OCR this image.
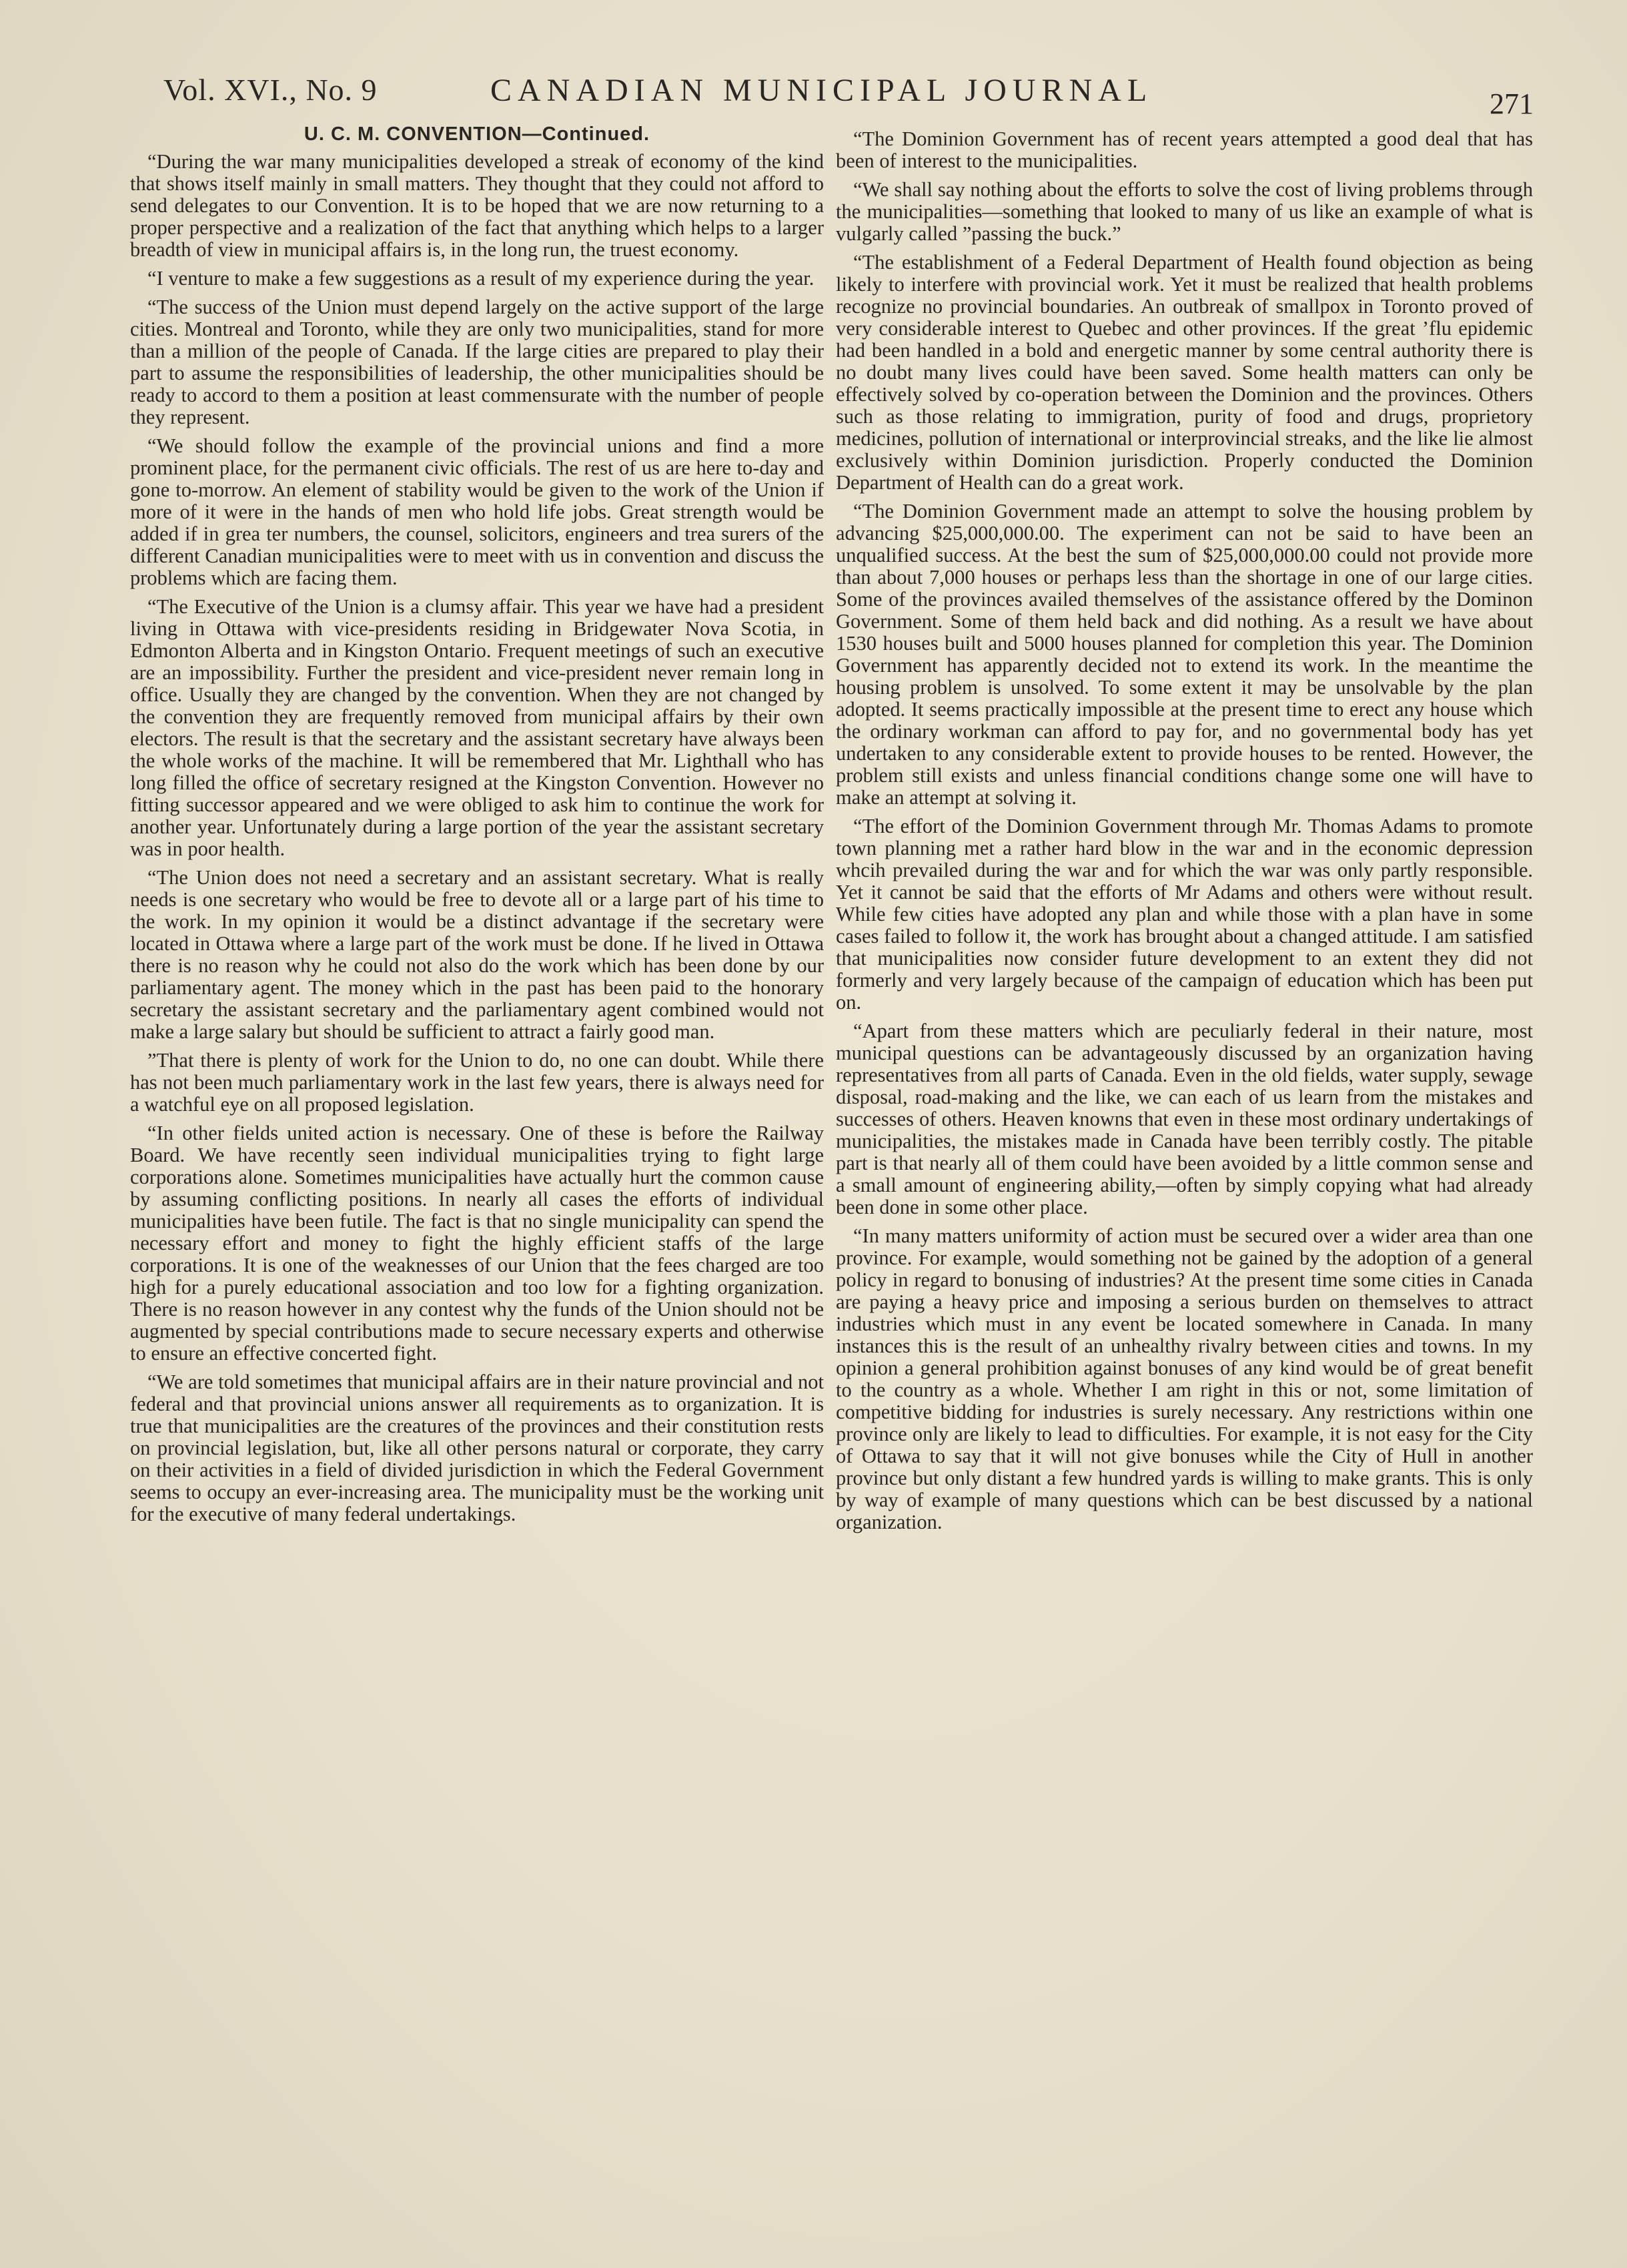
Vol. XVI., No. 9	CANADIAN MUNICIPAL JOURNAL	271
U. C. M. CONVENTION—Continued.

“During the war many municipalities developed a streak of economy of the kind that shows itself mainly in small matters. They thought that they could not afford to send delegates to our Convention. It is to be hoped that we are now returning to a proper perspective and a realization of the fact that anything which helps to a larger breadth of view in municipal affairs is, in the long run, the truest economy.

“I venture to make a few suggestions as a result of my experience during the year.

“The success of the Union must depend largely on the active support of the large cities. Montreal and Toronto, while they are only two municipalities, stand for more than a million of the people of Canada. If the large cities are prepared to play their part to assume the responsibilities of leadership, the other municipalities should be ready to accord to them a position at least commensurate with the number of people they represent.

“We should follow the example of the provincial unions and find a more prominent place, for the permanent civic officials. The rest of us are here to-day and gone to-morrow. An element of stability would be given to the work of the Union if more of it were in the hands of men who hold life jobs. Great strength would be added if in grea ter numbers, the counsel, solicitors, engineers and trea surers of the different Canadian municipalities were to meet with us in convention and discuss the problems which are facing them.

“The Executive of the Union is a clumsy affair. This year we have had a president living in Ottawa with vice-presidents residing in Bridgewater Nova Scotia, in Edmonton Alberta and in Kingston Ontario. Frequent meetings of such an executive are an impossibility. Further the president and vice-president never remain long in office. Usually they are changed by the convention. When they are not changed by the convention they are frequently removed from municipal affairs by their own electors. The result is that the secretary and the assistant secretary have always been the whole works of the machine. It will be remembered that Mr. Lighthall who has long filled the office of secretary resigned at the Kingston Convention. However no fitting successor appeared and we were obliged to ask him to continue the work for another year. Unfortunately during a large portion of the year the assistant secretary was in poor health.

“The Union does not need a secretary and an assistant secretary. What is really needs is one secretary who would be free to devote all or a large part of his time to the work. In my opinion it would be a distinct advantage if the secretary were located in Ottawa where a large part of the work must be done. If he lived in Ottawa there is no reason why he could not also do the work which has been done by our parliamentary agent. The money which in the past has been paid to the honorary secretary the assistant secretary and the parliamentary agent combined would not make a large salary but should be sufficient to attract a fairly good man.

”That there is plenty of work for the Union to do, no one can doubt. While there has not been much parliamentary work in the last few years, there is always need for a watchful eye on all proposed legislation.

“In other fields united action is necessary. One of these is before the Railway Board. We have recently seen individual municipalities trying to fight large corporations alone. Sometimes municipalities have actually hurt the common cause by assuming conflicting positions. In nearly all cases the efforts of individual municipalities have been futile. The fact is that no single municipality can spend the necessary effort and money to fight the highly efficient staffs of the large corporations. It is one of the weaknesses of our Union that the fees charged are too high for a purely educational association and too low for a fighting organization. There is no reason however in any contest why the funds of the Union should not be augmented by special contributions made to secure necessary experts and otherwise to ensure an effective concerted fight.

“We are told sometimes that municipal affairs are in their nature provincial and not federal and that provincial unions answer all requirements as to organization. It is true that municipalities are the creatures of the provinces and their constitution rests on provincial legislation, but, like all other persons natural or corporate, they carry on their activities in a field of divided jurisdiction in which the Federal Government seems to occupy an ever-increasing area. The municipality must be the working unit for the executive of many federal undertakings.

“The Dominion Government has of recent years attempted a good deal that has been of interest to the municipalities.

“We shall say nothing about the efforts to solve the cost of living problems through the municipalities—something that looked to many of us like an example of what is vulgarly called ”passing the buck.”

“The establishment of a Federal Department of Health found objection as being likely to interfere with provincial work. Yet it must be realized that health problems recognize no provincial boundaries. An outbreak of smallpox in Toronto proved of very considerable interest to Quebec and other provinces. If the great ’flu epidemic had been handled in a bold and energetic manner by some central authority there is no doubt many lives could have been saved. Some health matters can only be effectively solved by co-operation between the Dominion and the provinces. Others such as those relating to immigration, purity of food and drugs, proprietory medicines, pollution of international or interprovincial streaks, and the like lie almost exclusively within Dominion jurisdiction. Properly conducted the Dominion Department of Health can do a great work.

“The Dominion Government made an attempt to solve the housing problem by advancing $25,000,000.00. The experiment can not be said to have been an unqualified success. At the best the sum of $25,000,000.00 could not provide more than about 7,000 houses or perhaps less than the shortage in one of our large cities. Some of the provinces availed themselves of the assistance offered by the Dominon Government. Some of them held back and did nothing. As a result we have about 1530 houses built and 5000 houses planned for completion this year. The Dominion Government has apparently decided not to extend its work. In the meantime the housing problem is unsolved. To some extent it may be unsolvable by the plan adopted. It seems practically impossible at the present time to erect any house which the ordinary workman can afford to pay for, and no governmental body has yet undertaken to any considerable extent to provide houses to be rented. However, the problem still exists and unless financial conditions change some one will have to make an attempt at solving it.

“The effort of the Dominion Government through Mr. Thomas Adams to promote town planning met a rather hard blow in the war and in the economic depression whcih prevailed during the war and for which the war was only partly responsible. Yet it cannot be said that the efforts of Mr Adams and others were without result. While few cities have adopted any plan and while those with a plan have in some cases failed to follow it, the work has brought about a changed attitude. I am satisfied that municipalities now consider future development to an extent they did not formerly and very largely because of the campaign of education which has been put on.

“Apart from these matters which are peculiarly federal in their nature, most municipal questions can be advantageously discussed by an organization having representatives from all parts of Canada. Even in the old fields, water supply, sewage disposal, road-making and the like, we can each of us learn from the mistakes and successes of others. Heaven knowns that even in these most ordinary undertakings of municipalities, the mistakes made in Canada have been terribly costly. The pitable part is that nearly all of them could have been avoided by a little common sense and a small amount of engineering ability,—often by simply copying what had already been done in some other place.

“In many matters uniformity of action must be secured over a wider area than one province. For example, would something not be gained by the adoption of a general policy in regard to bonusing of industries? At the present time some cities in Canada are paying a heavy price and imposing a serious burden on themselves to attract industries which must in any event be located somewhere in Canada. In many instances this is the result of an unhealthy rivalry between cities and towns. In my opinion a general prohibition against bonuses of any kind would be of great benefit to the country as a whole. Whether I am right in this or not, some limitation of competitive bidding for industries is surely necessary. Any restrictions within one province only are likely to lead to difficulties. For example, it is not easy for the City of Ottawa to say that it will not give bonuses while the City of Hull in another province but only distant a few hundred yards is willing to make grants. This is only by way of example of many questions which can be best discussed by a national organization.
